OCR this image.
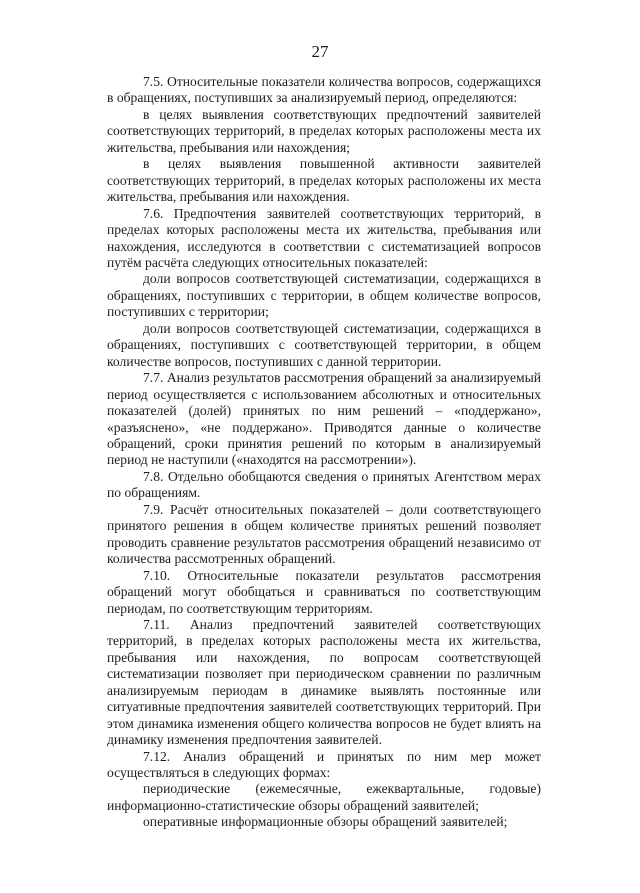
27

7.5. Относительные показатели количества вопросов, содержащихся в обращениях, поступивших за анализируемый период, определяются:

в целях выявления соответствующих предпочтений заявителей соответствующих территорий, в пределах которых расположены места их жительства, пребывания или нахождения;

в целях выявления повышенной активности заявителей соответствующих территорий, в пределах которых расположены их места жительства, пребывания или нахождения.

7.6. Предпочтения заявителей соответствующих территорий, в пределах которых расположены места их жительства, пребывания или нахождения, исследуются в соответствии с систематизацией вопросов путём расчёта следующих относительных показателей:

доли вопросов соответствующей систематизации, содержащихся в обращениях, поступивших с территории, в общем количестве вопросов, поступивших с территории;

доли вопросов соответствующей систематизации, содержащихся в обращениях, поступивших с соответствующей территории, в общем количестве вопросов, поступивших с данной территории.

7.7. Анализ результатов рассмотрения обращений за анализируемый период осуществляется с использованием абсолютных и относительных показателей (долей) принятых по ним решений – «поддержано», «разъяснено», «не поддержано». Приводятся данные о количестве обращений, сроки принятия решений по которым в анализируемый период не наступили («находятся на рассмотрении»).

7.8. Отдельно обобщаются сведения о принятых Агентством мерах по обращениям.

7.9. Расчёт относительных показателей – доли соответствующего принятого решения в общем количестве принятых решений позволяет проводить сравнение результатов рассмотрения обращений независимо от количества рассмотренных обращений.

7.10. Относительные показатели результатов рассмотрения обращений могут обобщаться и сравниваться по соответствующим периодам, по соответствующим территориям.

7.11. Анализ предпочтений заявителей соответствующих территорий, в пределах которых расположены места их жительства, пребывания или нахождения, по вопросам соответствующей систематизации позволяет при периодическом сравнении по различным анализируемым периодам в динамике выявлять постоянные или ситуативные предпочтения заявителей соответствующих территорий. При этом динамика изменения общего количества вопросов не будет влиять на динамику изменения предпочтения заявителей.

7.12. Анализ обращений и принятых по ним мер может осуществляться в следующих формах:

периодические (ежемесячные, ежеквартальные, годовые) информационно-статистические обзоры обращений заявителей;

оперативные информационные обзоры обращений заявителей;
